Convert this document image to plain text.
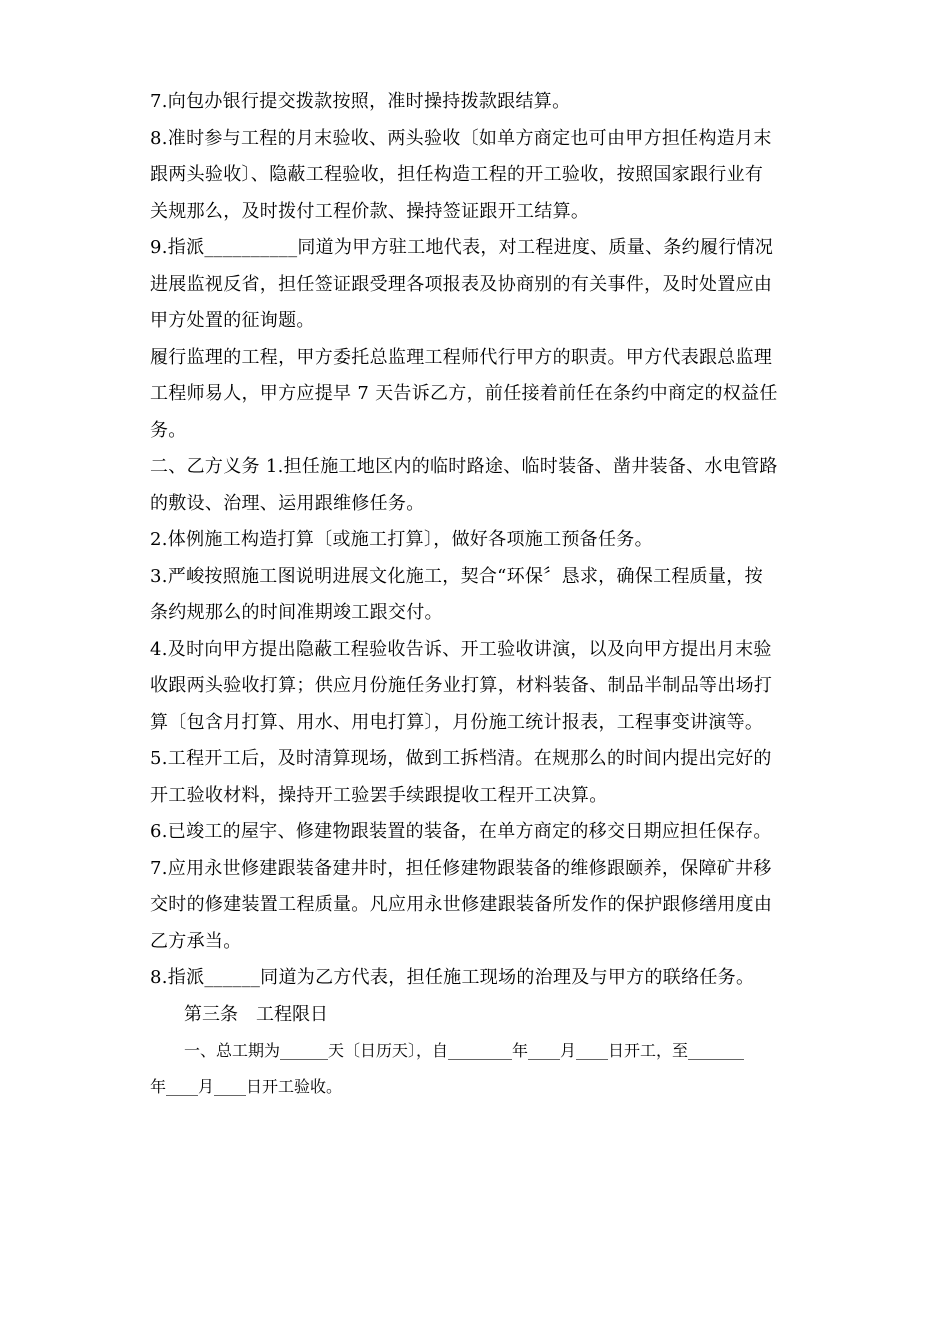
7.向包办银行提交拨款按照，准时操持拨款跟结算。
8.准时参与工程的月末验收、两头验收〔如单方商定也可由甲方担任构造月末
跟两头验收〕、隐蔽工程验收，担任构造工程的开工验收，按照国家跟行业有
关规那么，及时拨付工程价款、操持签证跟开工结算。
9.指派__________同道为甲方驻工地代表，对工程进度、质量、条约履行情况
进展监视反省，担任签证跟受理各项报表及协商别的有关事件，及时处置应由
甲方处置的征询题。
履行监理的工程，甲方委托总监理工程师代行甲方的职责。甲方代表跟总监理
工程师易人，甲方应提早 7 天告诉乙方，前任接着前任在条约中商定的权益任
务。
二、乙方义务 1.担任施工地区内的临时路途、临时装备、凿井装备、水电管路
的敷设、治理、运用跟维修任务。
2.体例施工构造打算〔或施工打算〕，做好各项施工预备任务。
3.严峻按照施工图说明进展文化施工，契合“环保〞恳求，确保工程质量，按
条约规那么的时间准期竣工跟交付。
4.及时向甲方提出隐蔽工程验收告诉、开工验收讲演，以及向甲方提出月末验
收跟两头验收打算；供应月份施任务业打算，材料装备、制品半制品等出场打
算〔包含月打算、用水、用电打算〕，月份施工统计报表，工程事变讲演等。
5.工程开工后，及时清算现场，做到工拆档清。在规那么的时间内提出完好的
开工验收材料，操持开工验罢手续跟提收工程开工决算。
6.已竣工的屋宇、修建物跟装置的装备，在单方商定的移交日期应担任保存。
7.应用永世修建跟装备建井时，担任修建物跟装备的维修跟颐养，保障矿井移
交时的修建装置工程质量。凡应用永世修建跟装备所发作的保护跟修缮用度由
乙方承当。
8.指派______同道为乙方代表，担任施工现场的治理及与甲方的联络任务。
第三条 工程限日
一、总工期为______天〔日历天〕，自________年____月____日开工，至_______
年____月____日开工验收。
